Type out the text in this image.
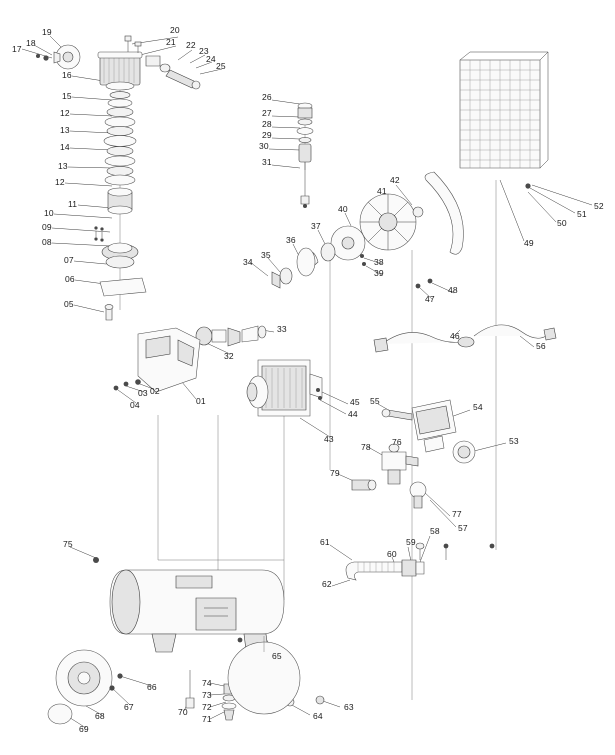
19
17
18
16
15
12
13
14
13
12
11
10
09
08
07
06
05
20
21 22
23
24
25
26
27
28
29
30
31
34
35
36
37
40
41
42
38
39
47
48
46
56
49
50
51
52
33
32
04
03 02
01
43
44
45 55
54
53
78 76
79
77
57
58
59
60
61
62
75
65
66
67
68
69
70
71
72
73
74
63
64
